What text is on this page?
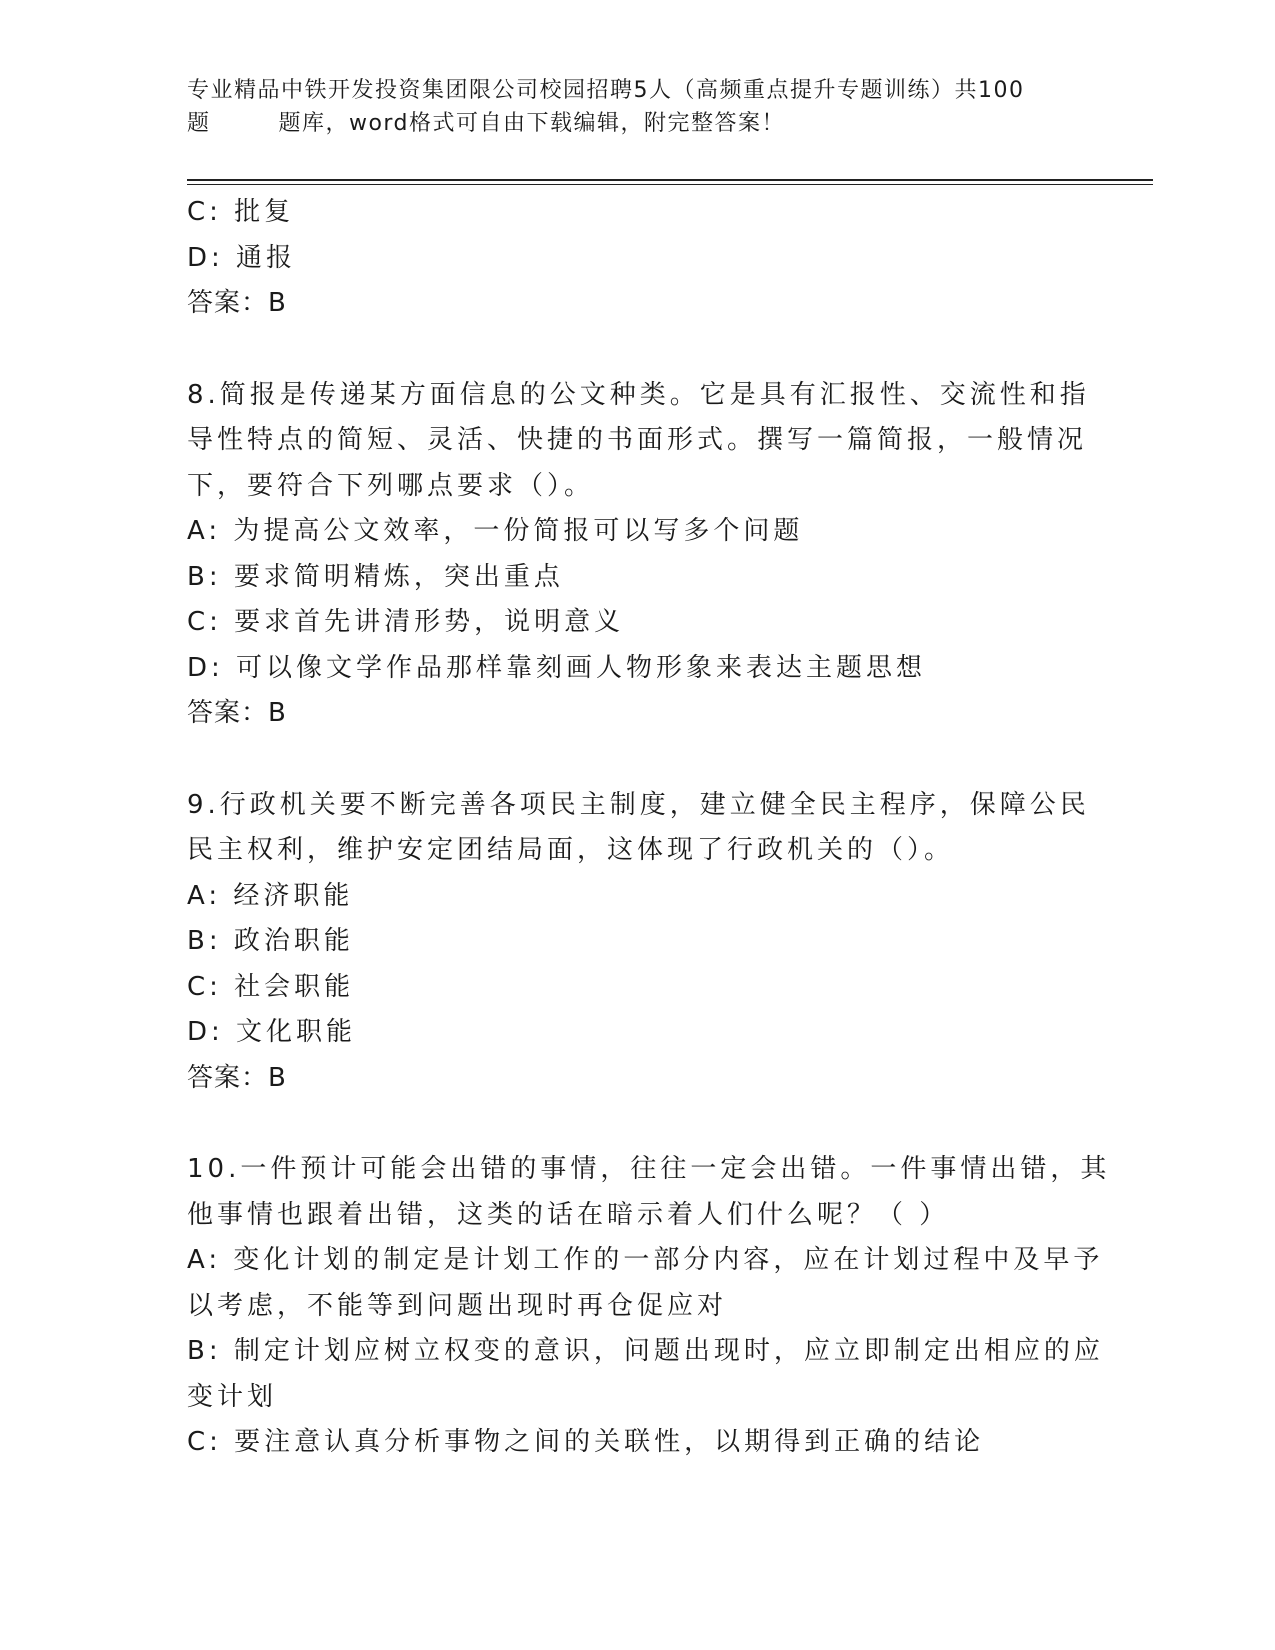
专业精品中铁开发投资集团限公司校园招聘5人（高频重点提升专题训练）共100
题        题库，word格式可自由下载编辑，附完整答案！
C: 批复
D: 通报
答案：B
8.简报是传递某方面信息的公文种类。它是具有汇报性、交流性和指
导性特点的简短、灵活、快捷的书面形式。撰写一篇简报，一般情况
下，要符合下列哪点要求（）。
A: 为提高公文效率，一份简报可以写多个问题
B: 要求简明精炼，突出重点
C: 要求首先讲清形势，说明意义
D: 可以像文学作品那样靠刻画人物形象来表达主题思想
答案：B
9.行政机关要不断完善各项民主制度，建立健全民主程序，保障公民
民主权利，维护安定团结局面，这体现了行政机关的（）。
A: 经济职能
B: 政治职能
C: 社会职能
D: 文化职能
答案：B
10.一件预计可能会出错的事情，往往一定会出错。一件事情出错，其
他事情也跟着出错，这类的话在暗示着人们什么呢？（ ）
A: 变化计划的制定是计划工作的一部分内容，应在计划过程中及早予
以考虑，不能等到问题出现时再仓促应对
B: 制定计划应树立权变的意识，问题出现时，应立即制定出相应的应
变计划
C: 要注意认真分析事物之间的关联性，以期得到正确的结论
